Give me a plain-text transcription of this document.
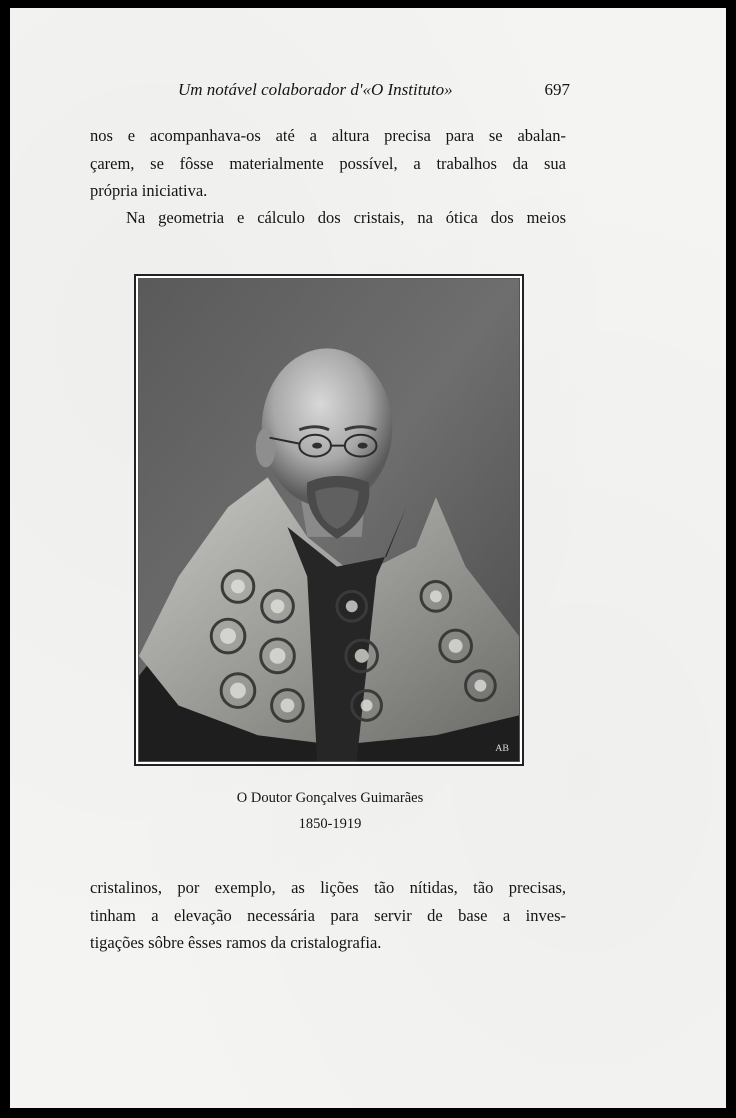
Um notável colaborador d'«O Instituto»	697

nos e acompanhava-os até a altura precisa para se abalan-
çarem, se fôsse materialmente possível, a trabalhos da sua
própria iniciativa.

Na geometria e cálculo dos cristais, na ótica dos meios

AB
O Doutor Gonçalves Guimarães
1850-1919

cristalinos, por exemplo, as lições tão nítidas, tão precisas,
tinham a elevação necessária para servir de base a inves-
tigações sôbre êsses ramos da cristalografia.
